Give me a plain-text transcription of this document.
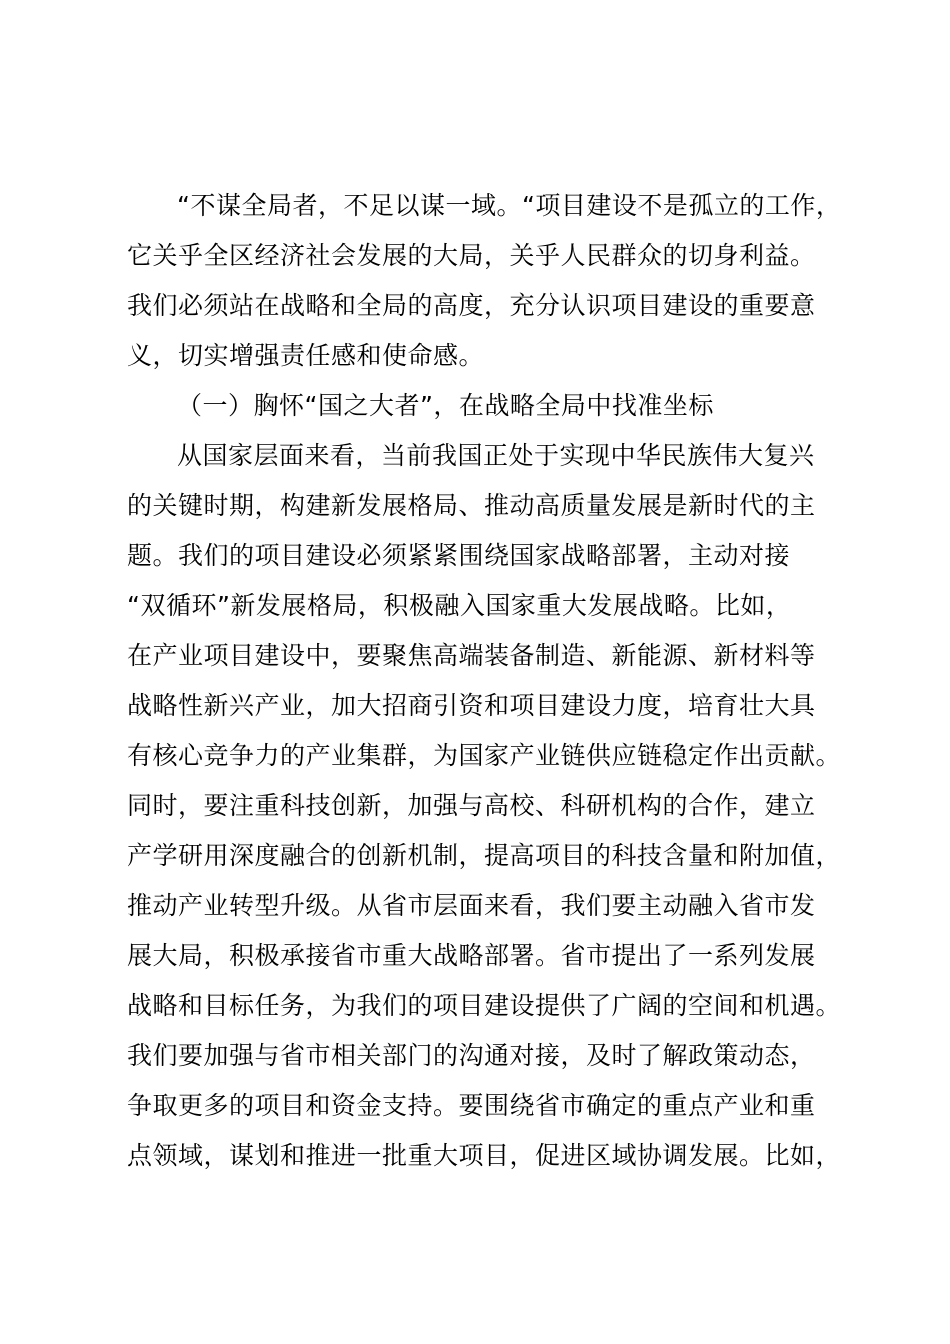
“不谋全局者，不足以谋一域。“项目建设不是孤立的工作，
它关乎全区经济社会发展的大局，关乎人民群众的切身利益。
我们必须站在战略和全局的高度，充分认识项目建设的重要意
义，切实增强责任感和使命感。
（一）胸怀“国之大者”，在战略全局中找准坐标
从国家层面来看，当前我国正处于实现中华民族伟大复兴
的关键时期，构建新发展格局、推动高质量发展是新时代的主
题。我们的项目建设必须紧紧围绕国家战略部署，主动对接
“双循环”新发展格局，积极融入国家重大发展战略。比如，
在产业项目建设中，要聚焦高端装备制造、新能源、新材料等
战略性新兴产业，加大招商引资和项目建设力度，培育壮大具
有核心竞争力的产业集群，为国家产业链供应链稳定作出贡献。
同时，要注重科技创新，加强与高校、科研机构的合作，建立
产学研用深度融合的创新机制，提高项目的科技含量和附加值，
推动产业转型升级。从省市层面来看，我们要主动融入省市发
展大局，积极承接省市重大战略部署。省市提出了一系列发展
战略和目标任务，为我们的项目建设提供了广阔的空间和机遇。
我们要加强与省市相关部门的沟通对接，及时了解政策动态，
争取更多的项目和资金支持。要围绕省市确定的重点产业和重
点领域，谋划和推进一批重大项目，促进区域协调发展。比如，
